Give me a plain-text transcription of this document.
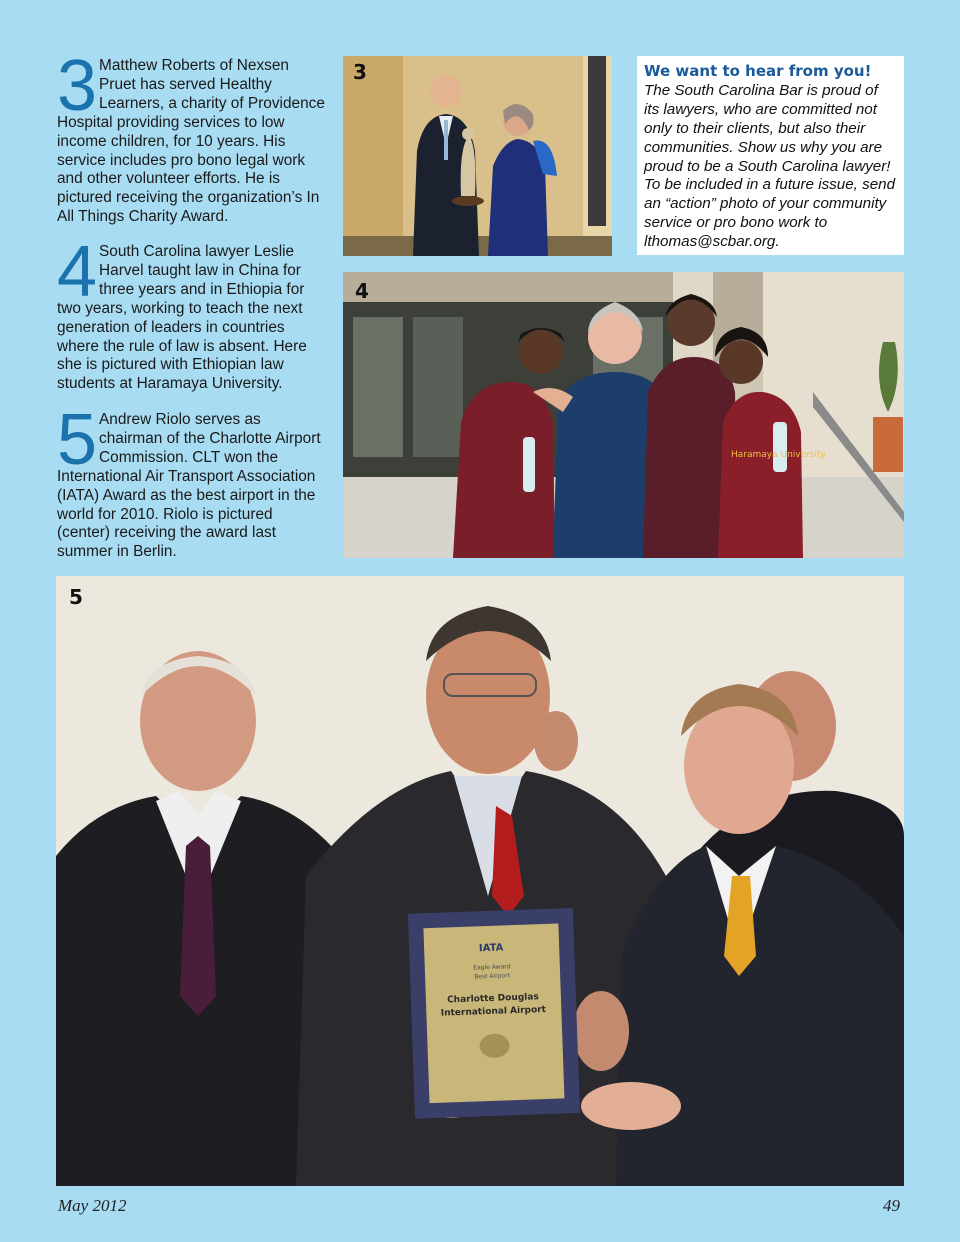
3 Matthew Roberts of Nexsen Pruet has served Healthy Learners, a charity of Providence Hospital providing services to low income children, for 10 years. His service includes pro bono legal work and other volunteer efforts. He is pictured receiving the organization’s In All Things Charity Award.
4 South Carolina lawyer Leslie Harvel taught law in China for three years and in Ethiopia for two years, working to teach the next generation of leaders in countries where the rule of law is absent. Here she is pictured with Ethiopian law students at Haramaya University.
5 Andrew Riolo serves as chairman of the Charlotte Airport Commission. CLT won the International Air Transport Association (IATA) Award as the best airport in the world for 2010. Riolo is pictured (center) receiving the award last summer in Berlin.
3
Haramaya University
4
We want to hear from you!
The South Carolina Bar is proud of its lawyers, who are committed not only to their clients, but also their communities. Show us why you are proud to be a South Carolina lawyer! To be included in a future issue, send an “action” photo of your community service or pro bono work to lthomas@scbar.org.
IATA
Eagle Award
Best Airport
Charlotte Douglas
International Airport
5
May 2012	49
